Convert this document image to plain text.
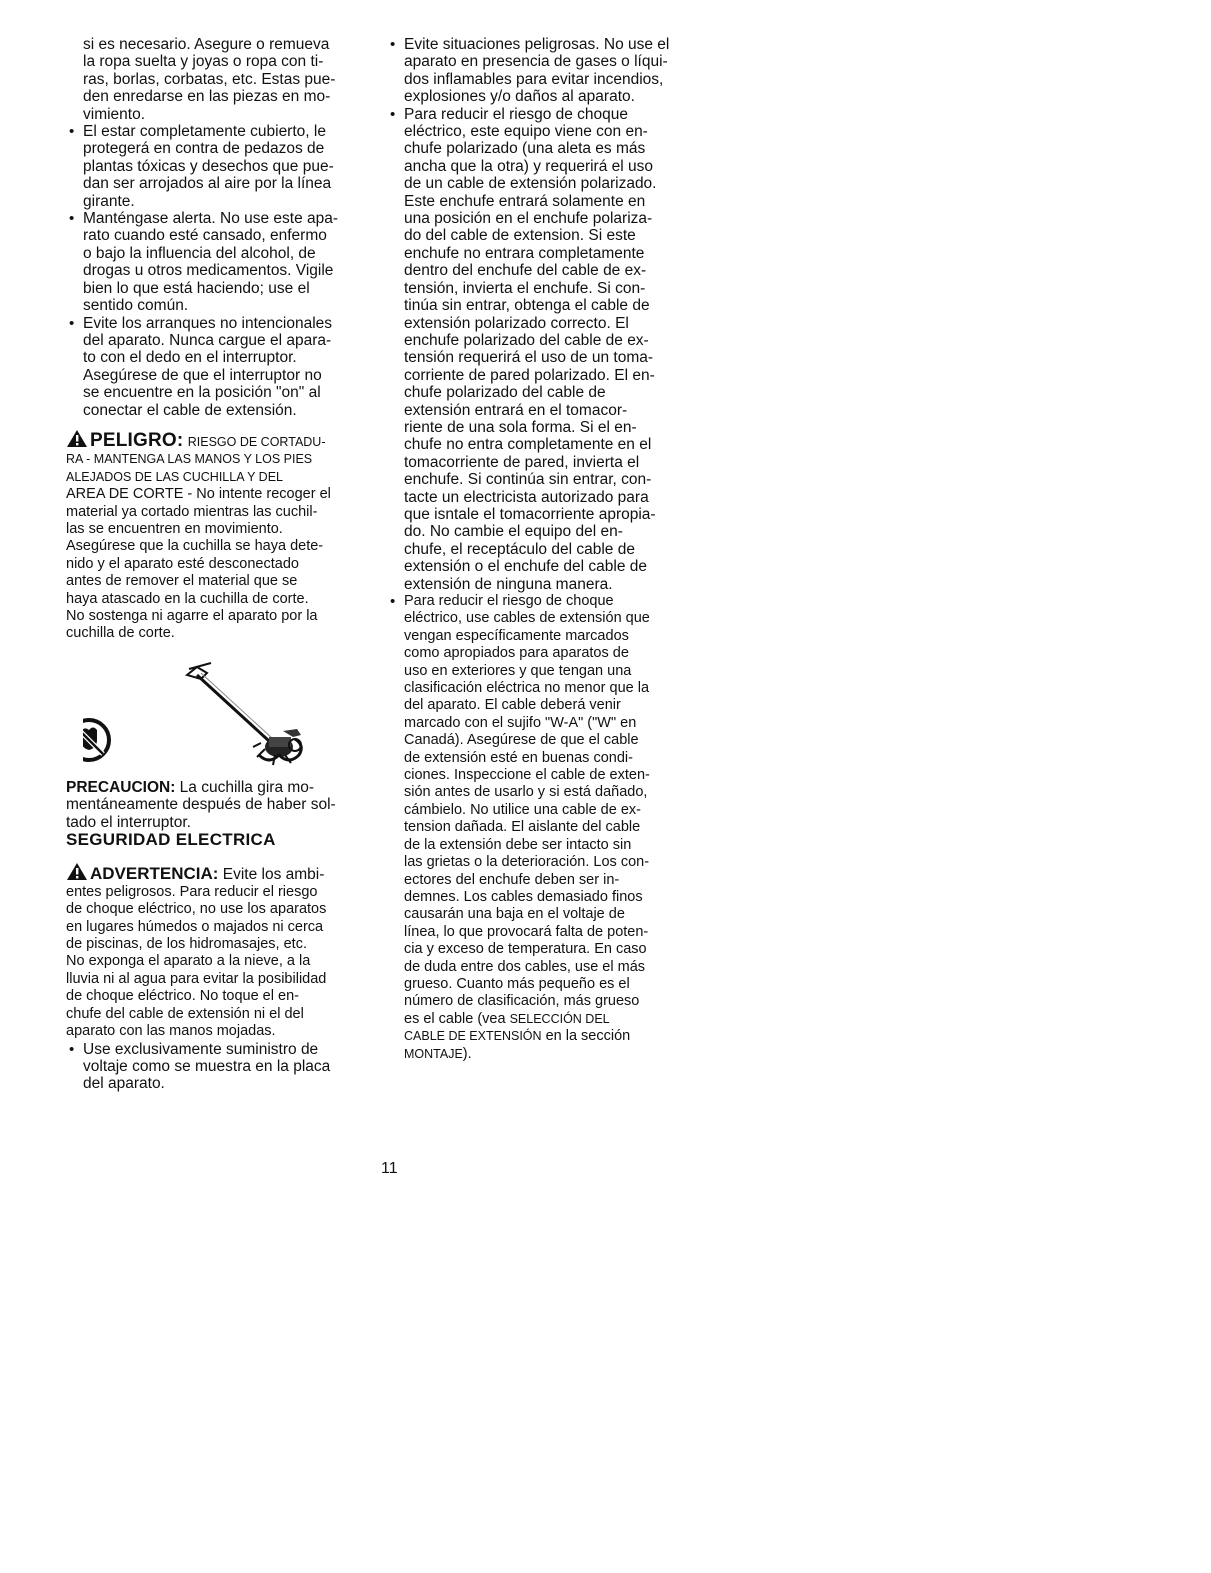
si es necesario. Asegure o remueva
la ropa suelta y joyas o ropa con ti-
ras, borlas, corbatas, etc. Estas pue-
den enredarse en las piezas en mo-
vimiento.
• El estar completamente cubierto, le
protegerá en contra de pedazos de
plantas tóxicas y desechos que pue-
dan ser arrojados al aire por la línea
girante.
• Manténgase alerta. No use este apa-
rato cuando esté cansado, enfermo
o bajo la influencia del alcohol, de
drogas u otros medicamentos. Vigile
bien lo que está haciendo; use el
sentido común.
• Evite los arranques no intencionales
del aparato. Nunca cargue el apara-
to con el dedo en el interruptor.
Asegúrese de que el interruptor no
se encuentre en la posición "on" al
conectar el cable de extensión.
PELIGRO: RIESGO DE CORTADU-
RA - MANTENGA LAS MANOS Y LOS PIES
ALEJADOS DE LAS CUCHILLA Y DEL
AREA DE CORTE - No intente recoger el
material ya cortado mientras las cuchil-
las se encuentren en movimiento.
Asegúrese que la cuchilla se haya dete-
nido y el aparato esté desconectado
antes de remover el material que se
haya atascado en la cuchilla de corte.
No sostenga ni agarre el aparato por la
cuchilla de corte.
PRECAUCION: La cuchilla gira mo-
mentáneamente después de haber sol-
tado el interruptor.
SEGURIDAD ELECTRICA
ADVERTENCIA: Evite los ambi-
entes peligrosos. Para reducir el riesgo
de choque eléctrico, no use los aparatos
en lugares húmedos o majados ni cerca
de piscinas, de los hidromasajes, etc.
No exponga el aparato a la nieve, a la
lluvia ni al agua para evitar la posibilidad
de choque eléctrico. No toque el en-
chufe del cable de extensión ni el del
aparato con las manos mojadas.
• Use exclusivamente suministro de
voltaje como se muestra en la placa
del aparato.
• Evite situaciones peligrosas. No use el
aparato en presencia de gases o líqui-
dos inflamables para evitar incendios,
explosiones y/o daños al aparato.
• Para reducir el riesgo de choque
eléctrico, este equipo viene con en-
chufe polarizado (una aleta es más
ancha que la otra) y requerirá el uso
de un cable de extensión polarizado.
Este enchufe entrará solamente en
una posición en el enchufe polariza-
do del cable de extension. Si este
enchufe no entrara completamente
dentro del enchufe del cable de ex-
tensión, invierta el enchufe. Si con-
tinúa sin entrar, obtenga el cable de
extensión polarizado correcto. El
enchufe polarizado del cable de ex-
tensión requerirá el uso de un toma-
corriente de pared polarizado. El en-
chufe polarizado del cable de
extensión entrará en el tomacor-
riente de una sola forma. Si el en-
chufe no entra completamente en el
tomacorriente de pared, invierta el
enchufe. Si continúa sin entrar, con-
tacte un electricista autorizado para
que isntale el tomacorriente apropia-
do. No cambie el equipo del en-
chufe, el receptáculo del cable de
extensión o el enchufe del cable de
extensión de ninguna manera.
• Para reducir el riesgo de choque
eléctrico, use cables de extensión que
vengan específicamente marcados
como apropiados para aparatos de
uso en exteriores y que tengan una
clasificación eléctrica no menor que la
del aparato. El cable deberá venir
marcado con el sujifo "W-A" ("W" en
Canadá). Asegúrese de que el cable
de extensión esté en buenas condi-
ciones. Inspeccione el cable de exten-
sión antes de usarlo y si está dañado,
cámbielo. No utilice una cable de ex-
tension dañada. El aislante del cable
de la extensión debe ser intacto sin
las grietas o la deterioración. Los con-
ectores del enchufe deben ser in-
demnes. Los cables demasiado finos
causarán una baja en el voltaje de
línea, lo que provocará falta de poten-
cia y exceso de temperatura. En caso
de duda entre dos cables, use el más
grueso. Cuanto más pequeño es el
número de clasificación, más grueso
es el cable (vea SELECCIÓN DEL
CABLE DE EXTENSIÓN en la sección
MONTAJE).
11
